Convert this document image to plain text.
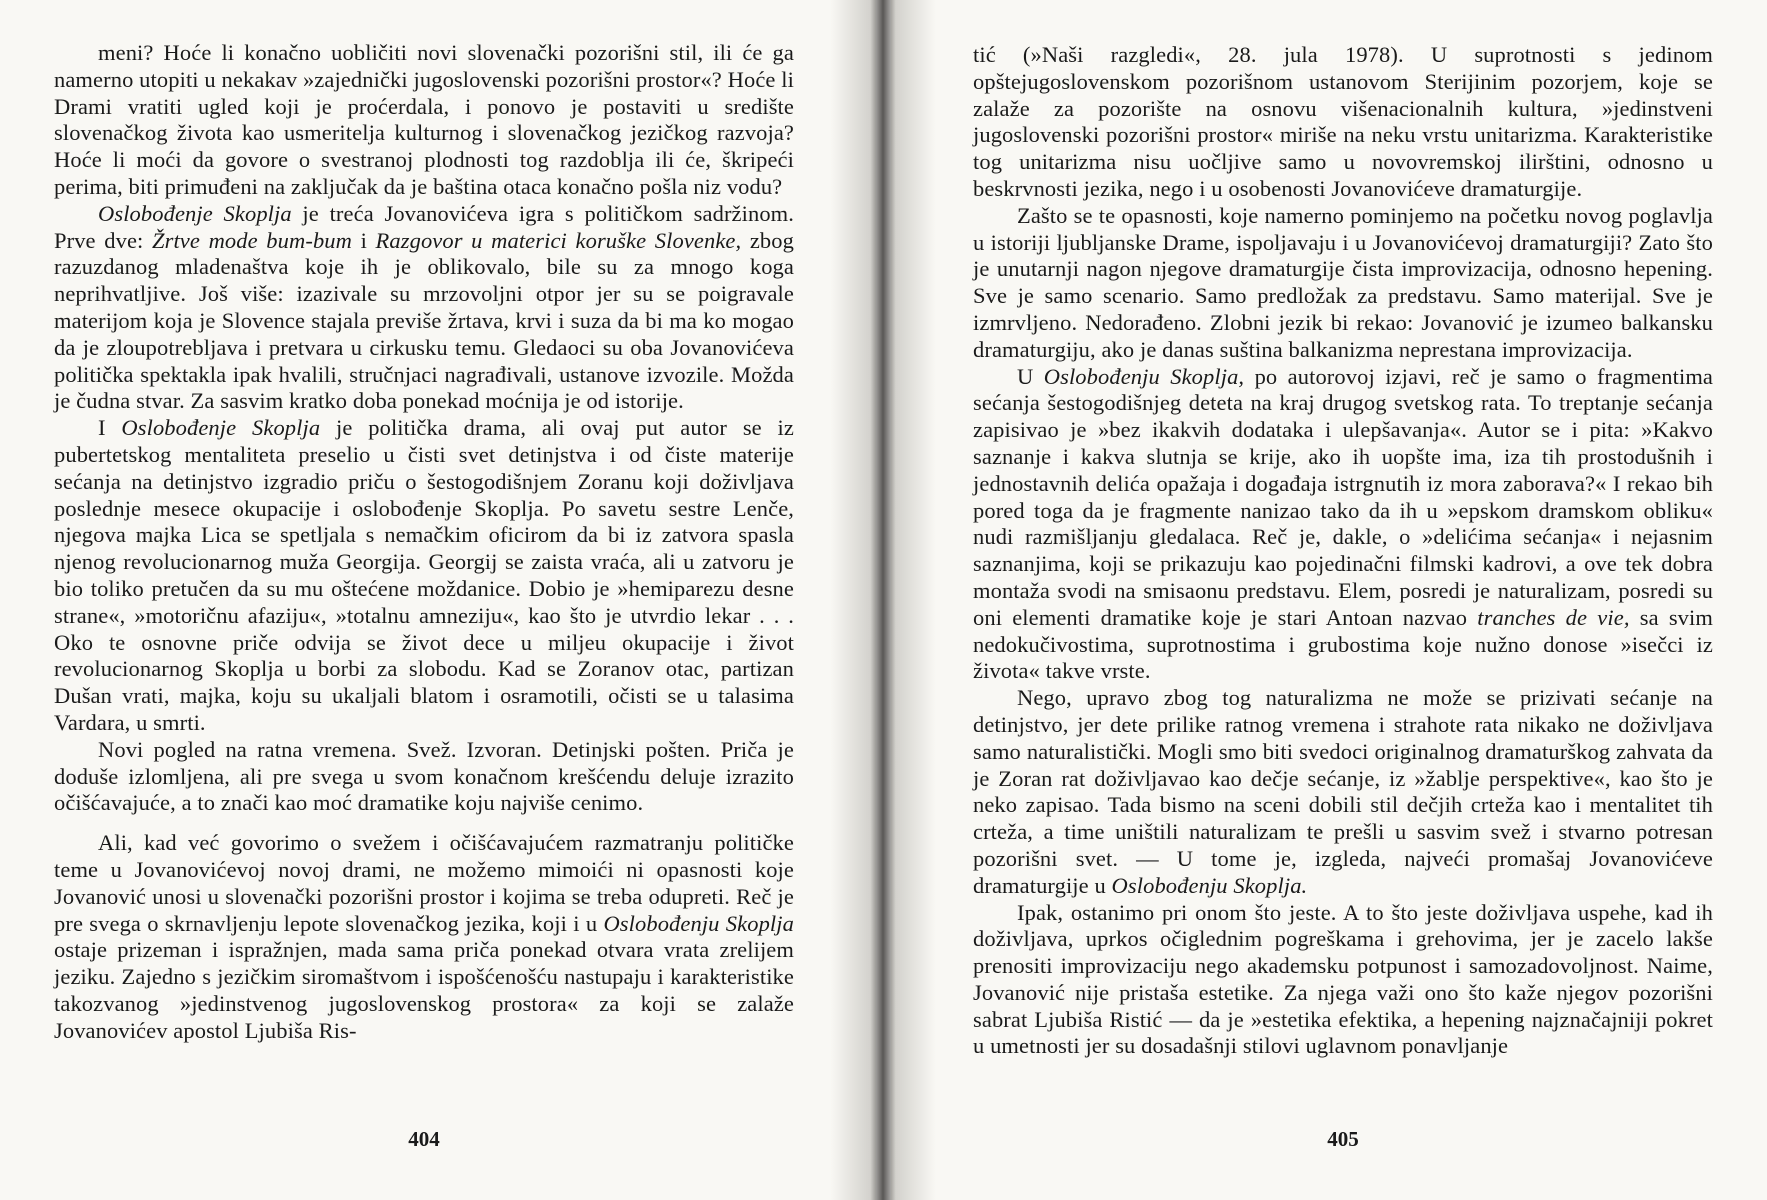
meni? Hoće li konačno uobličiti novi slovenački pozorišni stil, ili će ga namerno utopiti u nekakav »zajednički jugoslovenski pozorišni prostor«? Hoće li Drami vratiti ugled koji je prоćerdala, i ponovo je postaviti u središte slovenačkog života kao usmeritelja kulturnog i slovenačkog jezičkog razvoja? Hoće li moći da govore o svestranoj plodnosti tog razdoblja ili će, škripeći perima, biti primuđeni na zaključak da je baština otaca konačno pošla niz vodu?

Oslobođenje Skoplja je treća Jovanovićeva igra s političkom sadržinom. Prve dve: Žrtve mode bum-bum i Razgovor u materici koruške Slovenke, zbog razuzdanog mladenaštva koje ih je oblikovalo, bile su za mnogo koga neprihvatljive. Još više: izazivale su mrzovoljni otpor jer su se poigravale materijom koja je Slovence stajala previše žrtava, krvi i suza da bi ma ko mogao da je zloupotrebljava i pretvara u cirkusku temu. Gledaoci su oba Jovanovićeva politička spektakla ipak hvalili, stručnjaci nagrađivali, ustanove izvozile. Možda je čudna stvar. Za sasvim kratko doba ponekad moćnija je od istorije.

I Oslobođenje Skoplja je politička drama, ali ovaj put autor se iz pubertetskog mentaliteta preselio u čisti svet detinjstva i od čiste materije sećanja na detinjstvo izgradio priču o šestogodišnjem Zoranu koji doživljava poslednje mesece okupacije i oslobođenje Skoplja. Po savetu sestre Lenče, njegova majka Lica se spetljala s nemačkim oficirom da bi iz zatvora spasla njenog revolucionarnog muža Georgija. Georgij se zaista vraća, ali u zatvoru je bio toliko pretučen da su mu oštećene moždanice. Dobio je »hemiparezu desne strane«, »motoričnu afaziju«, »totalnu amneziju«, kao što je utvrdio lekar . . . Oko te osnovne priče odvija se život dece u miljeu okupacije i život revolucionarnog Skoplja u borbi za slobodu. Kad se Zoranov otac, partizan Dušan vrati, majka, koju su ukaljali blatom i osramotili, očisti se u talasima Vardara, u smrti.

Novi pogled na ratna vremena. Svež. Izvoran. Detinjski pošten. Priča je doduše izlomljena, ali pre svega u svom konačnom krešćendu deluje izrazito očišćavajuće, a to znači kao moć dramatike koju najviše cenimo.

Ali, kad već govorimo o svežem i očišćavajućem razmatranju političke teme u Jovanovićevoj novoj drami, ne možemo mimoići ni opasnosti koje Jovanović unosi u slovenački pozorišni prostor i kojima se treba odupreti. Reč je pre svega o skrnavljenju lepote slovenačkog jezika, koji i u Oslobođenju Skoplja ostaje prizeman i ispražnjen, mada sama priča ponekad otvara vrata zrelijem jeziku. Zajedno s jezičkim siromaštvom i ispošćenošću nastupaju i karakteristike takozvanog »jedinstvenog jugoslovenskog prostora« za koji se zalaže Jovanovićev apostol Ljubiša Ris-

404

tić (»Naši razgledi«, 28. jula 1978). U suprotnosti s jedinom opštejugoslovenskom pozorišnom ustanovom Sterijinim pozorjem, koje se zalaže za pozorište na osnovu višenacionalnih kultura, »jedinstveni jugoslovenski pozorišni prostor« miriše na neku vrstu unitarizma. Karakteristike tog unitarizma nisu uočljive samo u novovremskoj ilirštini, odnosno u beskrvnosti jezika, nego i u osobenosti Jovanovićeve dramaturgije.

Zašto se te opasnosti, koje namerno pominjemo na početku novog poglavlja u istoriji ljubljanske Drame, ispoljavaju i u Jovanovićevoj dramaturgiji? Zato što je unutarnji nagon njegove dramaturgije čista improvizacija, odnosno hepening. Sve je samo scenario. Samo predložak za predstavu. Samo materijal. Sve je izmrvljeno. Nedorađeno. Zlobni jezik bi rekao: Jovanović je izumeo balkansku dramaturgiju, ako je danas suština balkanizma neprestana improvizacija.

U Oslobođenju Skoplja, po autorovoj izjavi, reč je samo o fragmentima sećanja šestogodišnjeg deteta na kraj drugog svetskog rata. To treptanje sećanja zapisivao je »bez ikakvih dodataka i ulepšavanja«. Autor se i pita: »Kakvo saznanje i kakva slutnja se krije, ako ih uopšte ima, iza tih prostodušnih i jednostavnih delića opažaja i događaja istrgnutih iz mora zaborava?« I rekao bih pored toga da je fragmente nanizao tako da ih u »epskom dramskom obliku« nudi razmišljanju gledalaca. Reč je, dakle, o »delićima sećanja« i nejasnim saznanjima, koji se prikazuju kao pojedinačni filmski kadrovi, a ove tek dobra montaža svodi na smisaonu predstavu. Elem, posredi je naturalizam, posredi su oni elementi dramatike koje je stari Antoan nazvao tranches de vie, sa svim nedokučivostima, suprotnostima i grubostima koje nužno donose »isečci iz života« takve vrste.

Nego, upravo zbog tog naturalizma ne može se prizivati sećanje na detinjstvo, jer dete prilike ratnog vremena i strahote rata nikako ne doživljava samo naturalistički. Mogli smo biti svedoci originalnog dramaturškog zahvata da je Zoran rat doživljavao kao dečje sećanje, iz »žablje perspektive«, kao što je neko zapisao. Tada bismo na sceni dobili stil dečjih crteža kao i mentalitet tih crteža, a time uništili naturalizam te prešli u sasvim svež i stvarno potresan pozorišni svet. — U tome je, izgleda, najveći promašaj Jovanovićeve dramaturgije u Oslobođenju Skoplja.

Ipak, ostanimo pri onom što jeste. A to što jeste doživljava uspehe, kad ih doživljava, uprkos očiglednim pogreškama i grehovima, jer je zacelo lakše prenositi improvizaciju nego akademsku potpunost i samozadovoljnost. Naime, Jovanović nije pristaša estetike. Za njega važi ono što kaže njegov pozorišni sabrat Ljubiša Ristić — da je »estetika efektika, a hepening najznačajniji pokret u umetnosti jer su dosadašnji stilovi uglavnom ponavljanje

405
